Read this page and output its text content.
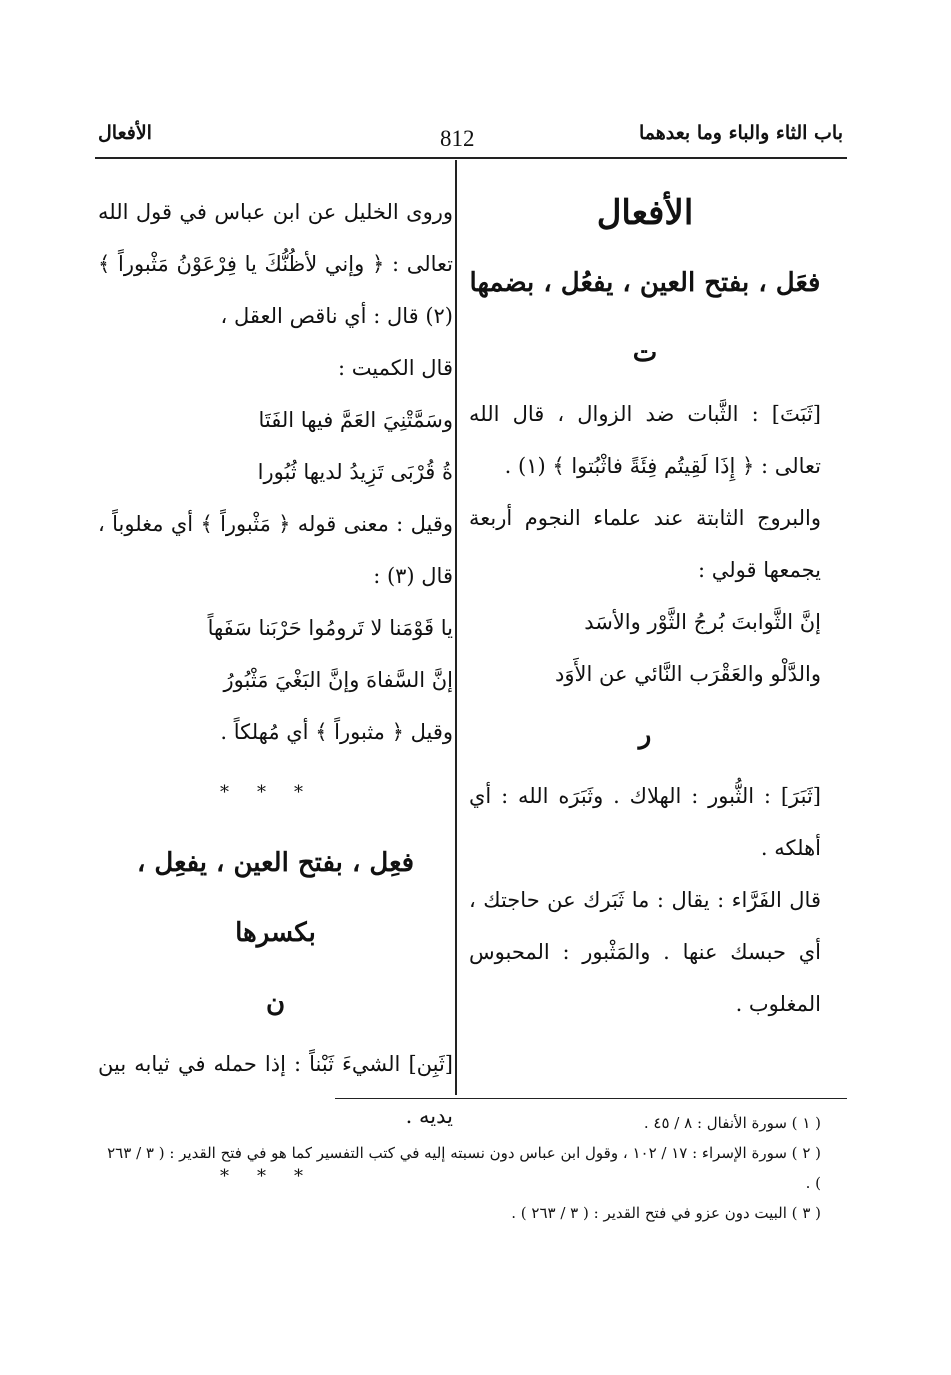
باب الثاء والباء وما بعدهما
812
الأفعال
الأفعال
فعَل ، بفتح العين ، يفعُل ، بضمها
ت

[ثَبَتَ] : الثَّبات ضد الزوال ، قال الله تعالى : ﴿ إِذَا لَقِيتُم فِئَةً فاثْبُتوا ﴾ (١) .

والبروج الثابتة عند علماء النجوم أربعة يجمعها قولي :

إنَّ الثَّوابتَ بُرجُ الثَّوْر والأسَد

والدَّلْو والعَقْرَب النَّائي عن الأَوَد

ر

[ثَبَرَ] : الثُّبور : الهلاك . وثَبَرَه الله : أي أهلكه .

قال الفَرَّاء : يقال : ما ثَبَرك عن حاجتك ، أي حبسك عنها . والمَثْبور : المحبوس المغلوب .

وروى الخليل عن ابن عباس في قول الله تعالى : ﴿ وإني لأظُنُّكَ يا فِرْعَوْنُ مَثْبوراً ﴾ (٢) قال : أي ناقص العقل ،

قال الكميت :

وسَمَّتْنِيَ العَمَّ فيها الفَتَا

ةُ قُرْبَى تَزِيدُ لديها ثُبُورا

وقيل : معنى قوله ﴿ مَثْبوراً ﴾ أي مغلوباً ، قال (٣) :

يا قَوْمَنا لا تَرومُوا حَرْبَنا سَفَهاً

إنَّ السَّفاهَ وإنَّ البَغْيَ مَثْبُورُ

وقيل ﴿ مثبوراً ﴾ أي مُهلكاً .

***
فعِل ، بفتح العين ، يفعِل ، بكسرها
ن

[ثَبِن] الشيءَ ثَبْناً : إذا حمله في ثيابه بين يديه .

***
( ١ ) سورة الأنفال : ٨ / ٤٥ .
( ٢ ) سورة الإسراء : ١٧ / ١٠٢ ، وقول ابن عباس دون نسبته إليه في كتب التفسير كما هو في فتح القدير : ( ٣ / ٢٦٣ ) .
( ٣ ) البيت دون عزو في فتح القدير : ( ٣ / ٢٦٣ ) .
